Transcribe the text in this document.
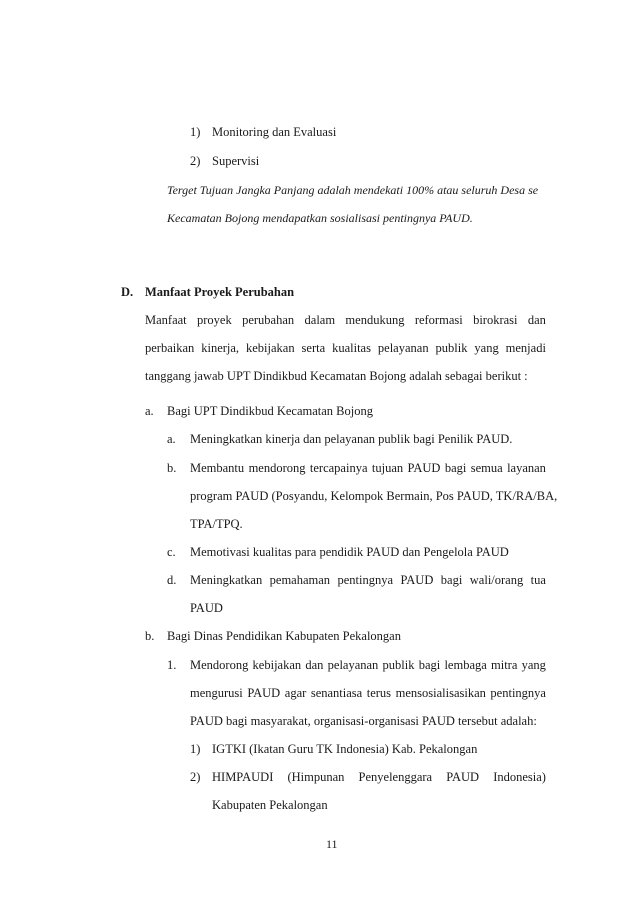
1) Monitoring dan Evaluasi
2) Supervisi
Terget Tujuan Jangka Panjang adalah mendekati 100% atau seluruh Desa se
Kecamatan Bojong mendapatkan sosialisasi pentingnya PAUD.
D. Manfaat Proyek Perubahan
Manfaat proyek perubahan dalam mendukung reformasi birokrasi dan
perbaikan kinerja, kebijakan serta kualitas pelayanan publik yang menjadi
tanggang jawab UPT Dindikbud Kecamatan Bojong adalah sebagai berikut :
a. Bagi UPT Dindikbud Kecamatan Bojong
a. Meningkatkan kinerja dan pelayanan publik bagi Penilik PAUD.
b. Membantu mendorong tercapainya tujuan PAUD bagi semua layanan
program PAUD (Posyandu, Kelompok Bermain, Pos PAUD, TK/RA/BA,
TPA/TPQ.
c. Memotivasi kualitas para pendidik PAUD dan Pengelola PAUD
d. Meningkatkan pemahaman pentingnya PAUD bagi wali/orang tua
PAUD
b. Bagi Dinas Pendidikan Kabupaten Pekalongan
1. Mendorong kebijakan dan pelayanan publik bagi lembaga mitra yang
mengurusi PAUD agar senantiasa terus mensosialisasikan pentingnya
PAUD bagi masyarakat, organisasi-organisasi PAUD tersebut adalah:
1) IGTKI (Ikatan Guru TK Indonesia) Kab. Pekalongan
2) HIMPAUDI (Himpunan Penyelenggara PAUD Indonesia)
Kabupaten Pekalongan
11
